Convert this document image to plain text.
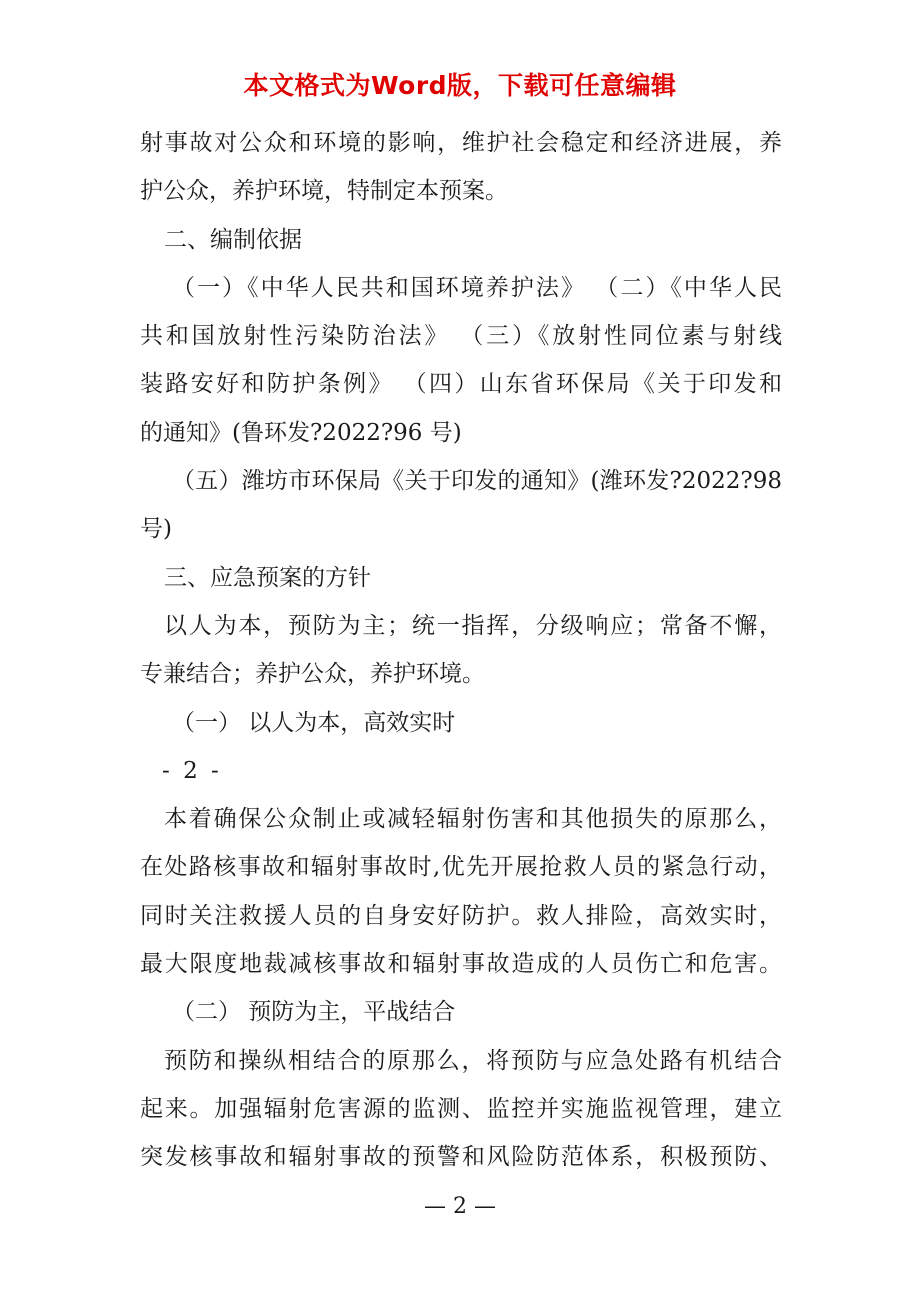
本文格式为Word版，下载可任意编辑
射事故对公众和环境的影响，维护社会稳定和经济进展，养
护公众，养护环境，特制定本预案。
二、编制依据
（一）《中华人民共和国环境养护法》 （二）《中华人民
共和国放射性污染防治法》 （三）《放射性同位素与射线
装路安好和防护条例》 （四）山东省环保局《关于印发和
的通知》(鲁环发?2022?96 号)
（五）潍坊市环保局《关于印发的通知》(潍环发?2022?98
号)
三、应急预案的方针
以人为本，预防为主；统一指挥，分级响应；常备不懈，
专兼结合；养护公众，养护环境。
（一） 以人为本，高效实时
- 2 -
本着确保公众制止或减轻辐射伤害和其他损失的原那么，
在处路核事故和辐射事故时,优先开展抢救人员的紧急行动，
同时关注救援人员的自身安好防护。救人排险，高效实时，
最大限度地裁减核事故和辐射事故造成的人员伤亡和危害。
（二） 预防为主，平战结合
预防和操纵相结合的原那么，将预防与应急处路有机结合
起来。加强辐射危害源的监测、监控并实施监视管理，建立
突发核事故和辐射事故的预警和风险防范体系，积极预防、
— 2 —
